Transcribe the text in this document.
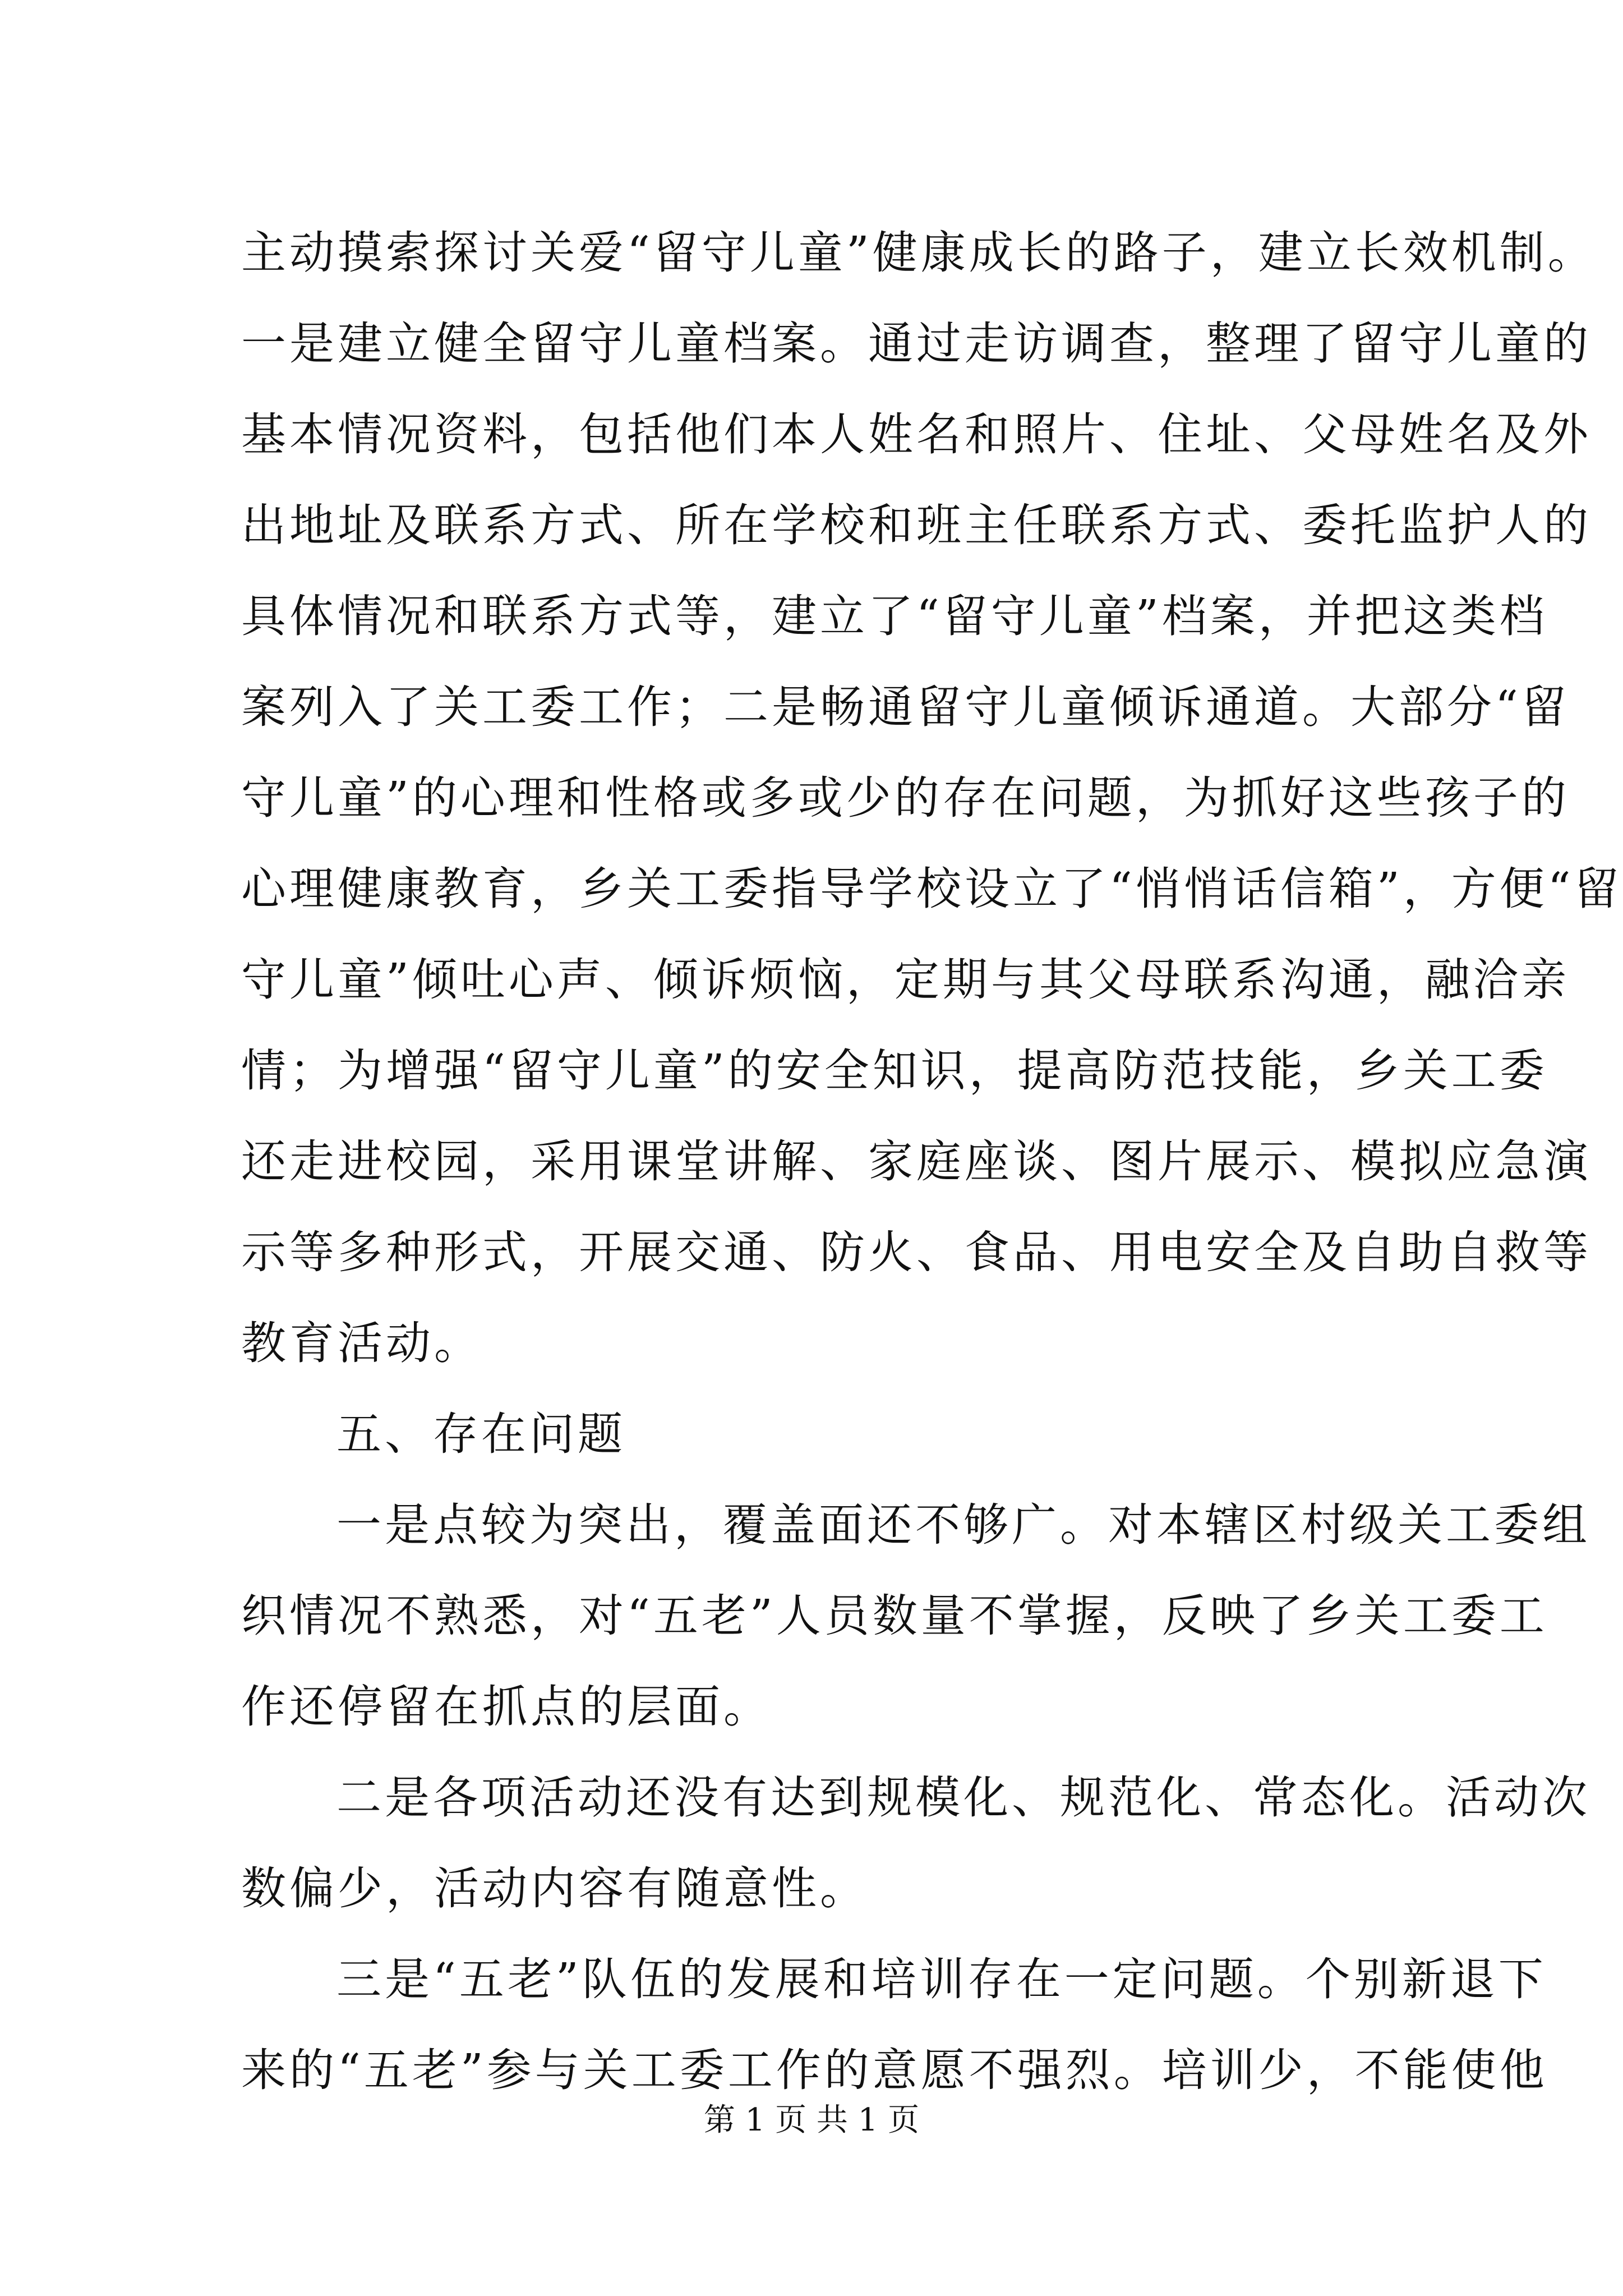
主动摸索探讨关爱“留守儿童”健康成长的路子，建立长效机制。
一是建立健全留守儿童档案。通过走访调查，整理了留守儿童的
基本情况资料，包括他们本人姓名和照片、住址、父母姓名及外
出地址及联系方式、所在学校和班主任联系方式、委托监护人的
具体情况和联系方式等，建立了“留守儿童”档案，并把这类档
案列入了关工委工作；二是畅通留守儿童倾诉通道。大部分“留
守儿童”的心理和性格或多或少的存在问题，为抓好这些孩子的
心理健康教育，乡关工委指导学校设立了“悄悄话信箱”，方便“留
守儿童”倾吐心声、倾诉烦恼，定期与其父母联系沟通，融洽亲
情；为增强“留守儿童”的安全知识，提高防范技能，乡关工委
还走进校园，采用课堂讲解、家庭座谈、图片展示、模拟应急演
示等多种形式，开展交通、防火、食品、用电安全及自助自救等
教育活动。
五、存在问题
一是点较为突出，覆盖面还不够广。对本辖区村级关工委组
织情况不熟悉，对“五老”人员数量不掌握，反映了乡关工委工
作还停留在抓点的层面。
二是各项活动还没有达到规模化、规范化、常态化。活动次
数偏少，活动内容有随意性。
三是“五老”队伍的发展和培训存在一定问题。个别新退下
来的“五老”参与关工委工作的意愿不强烈。培训少，不能使他
第 1 页 共 1 页
